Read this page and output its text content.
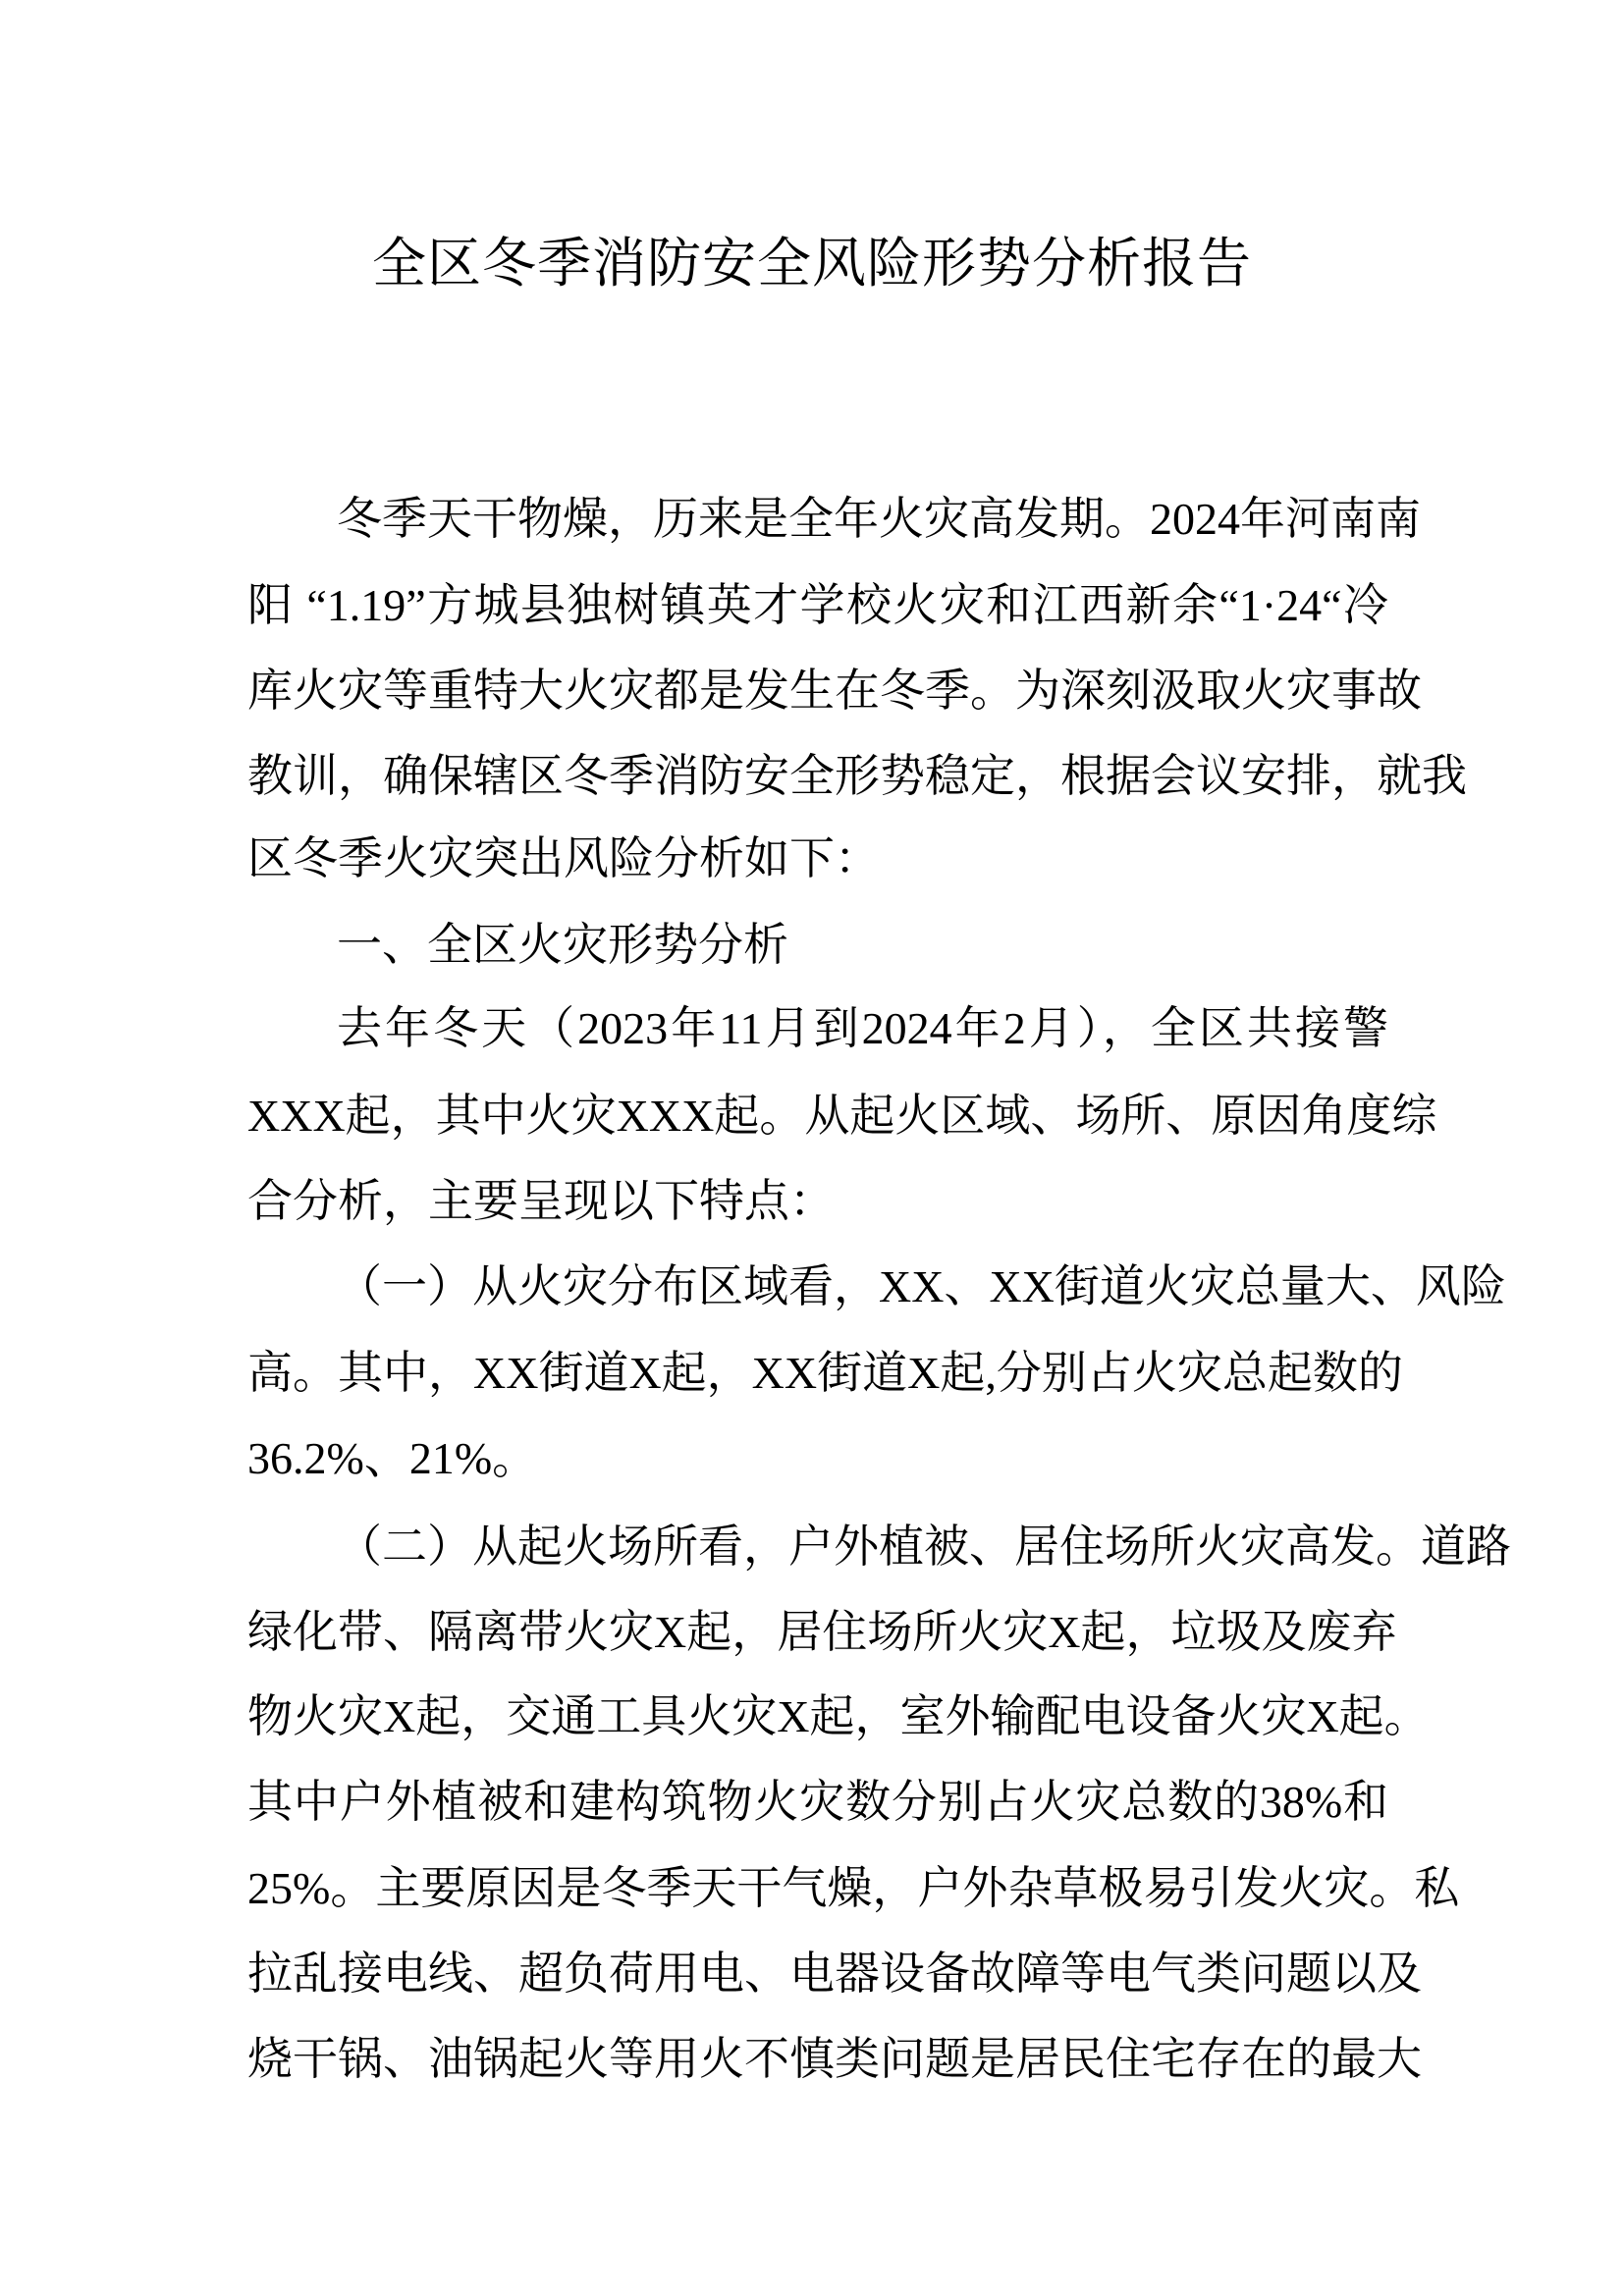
全区冬季消防安全风险形势分析报告
冬季天干物燥，历来是全年火灾高发期。2024年河南南
阳 “1.19”方城县独树镇英才学校火灾和江西新余“1·24“冷
库火灾等重特大火灾都是发生在冬季。为深刻汲取火灾事故
教训，确保辖区冬季消防安全形势稳定，根据会议安排，就我
区冬季火灾突出风险分析如下：
一、全区火灾形势分析
去年冬天（2023年11月到2024年2月），全区共接警
XXX起，其中火灾XXX起。从起火区域、场所、原因角度综
合分析，主要呈现以下特点：
（一）从火灾分布区域看，XX、XX街道火灾总量大、风险
高。其中，XX街道X起，XX街道X起,分别占火灾总起数的
36.2%、21%。
（二）从起火场所看，户外植被、居住场所火灾高发。道路
绿化带、隔离带火灾X起，居住场所火灾X起，垃圾及废弃
物火灾X起，交通工具火灾X起，室外输配电设备火灾X起。
其中户外植被和建构筑物火灾数分别占火灾总数的38%和
25%。主要原因是冬季天干气燥，户外杂草极易引发火灾。私
拉乱接电线、超负荷用电、电器设备故障等电气类问题以及
烧干锅、油锅起火等用火不慎类问题是居民住宅存在的最大
